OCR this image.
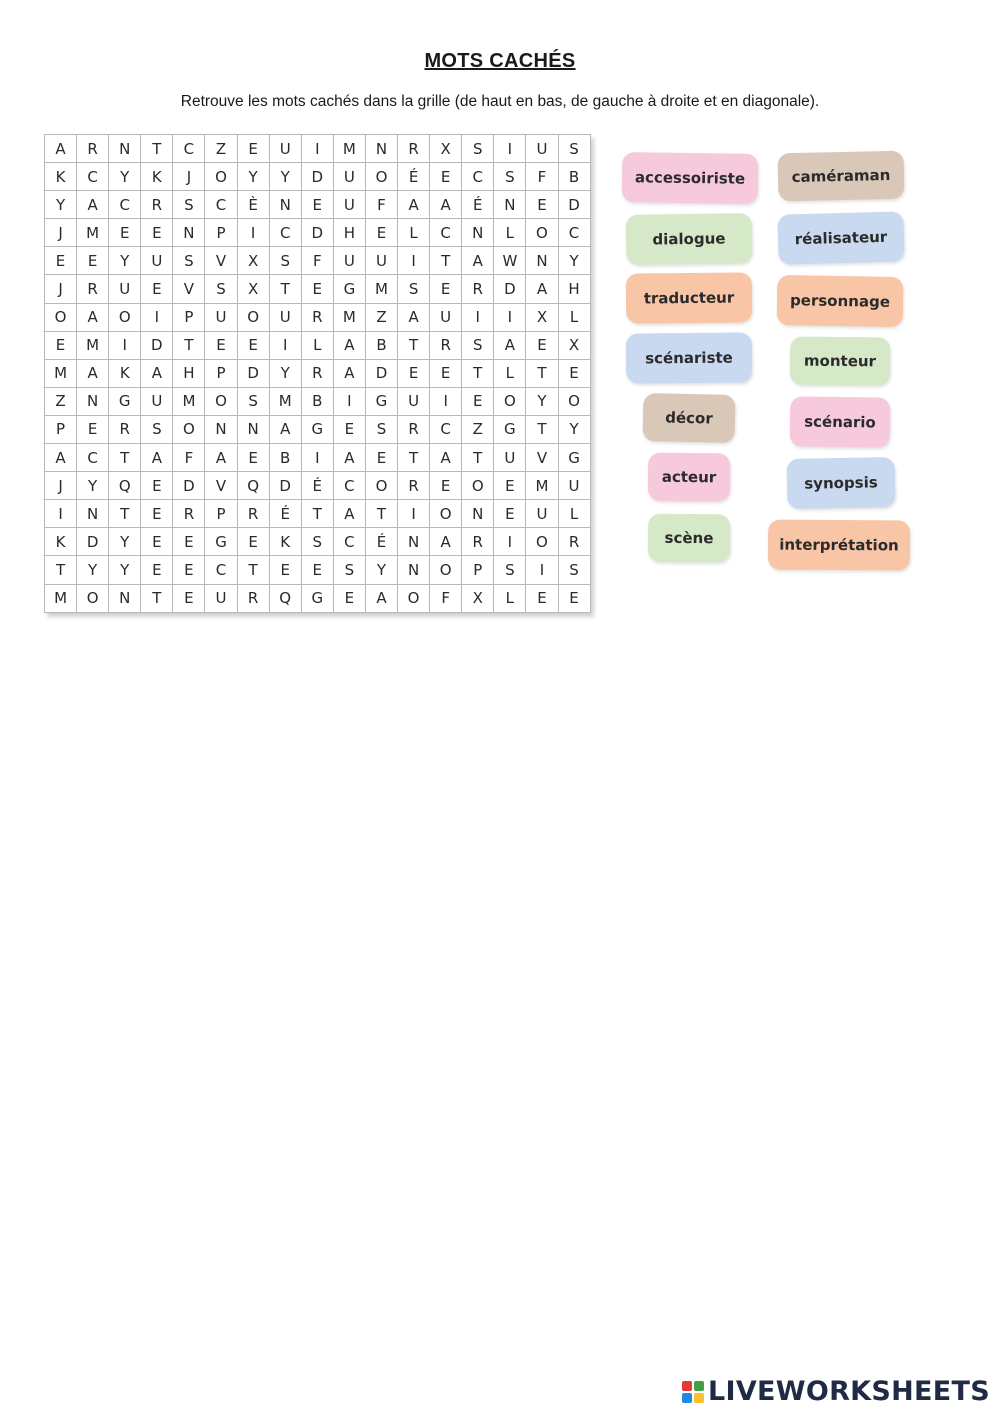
MOTS CACHÉS
Retrouve les mots cachés dans la grille (de haut en bas, de gauche à droite et en diagonale).
A	R	N	T	C	Z	E	U	I	M	N	R	X	S	I	U	S
K	C	Y	K	J	O	Y	Y	D	U	O	É	E	C	S	F	B
Y	A	C	R	S	C	È	N	E	U	F	A	A	É	N	E	D
J	M	E	E	N	P	I	C	D	H	E	L	C	N	L	O	C
E	E	Y	U	S	V	X	S	F	U	U	I	T	A	W	N	Y
J	R	U	E	V	S	X	T	E	G	M	S	E	R	D	A	H
O	A	O	I	P	U	O	U	R	M	Z	A	U	I	I	X	L
E	M	I	D	T	E	E	I	L	A	B	T	R	S	A	E	X
M	A	K	A	H	P	D	Y	R	A	D	E	E	T	L	T	E
Z	N	G	U	M	O	S	M	B	I	G	U	I	E	O	Y	O
P	E	R	S	O	N	N	A	G	E	S	R	C	Z	G	T	Y
A	C	T	A	F	A	E	B	I	A	E	T	A	T	U	V	G
J	Y	Q	E	D	V	Q	D	É	C	O	R	E	O	E	M	U
I	N	T	E	R	P	R	É	T	A	T	I	O	N	E	U	L
K	D	Y	E	E	G	E	K	S	C	É	N	A	R	I	O	R
T	Y	Y	E	E	C	T	E	E	S	Y	N	O	P	S	I	S
M	O	N	T	E	U	R	Q	G	E	A	O	F	X	L	E	E
accessoiriste	caméraman
dialogue	réalisateur
traducteur	personnage
scénariste	monteur
décor	scénario
acteur	synopsis
scène	interprétation
LIVEWORKSHEETS
